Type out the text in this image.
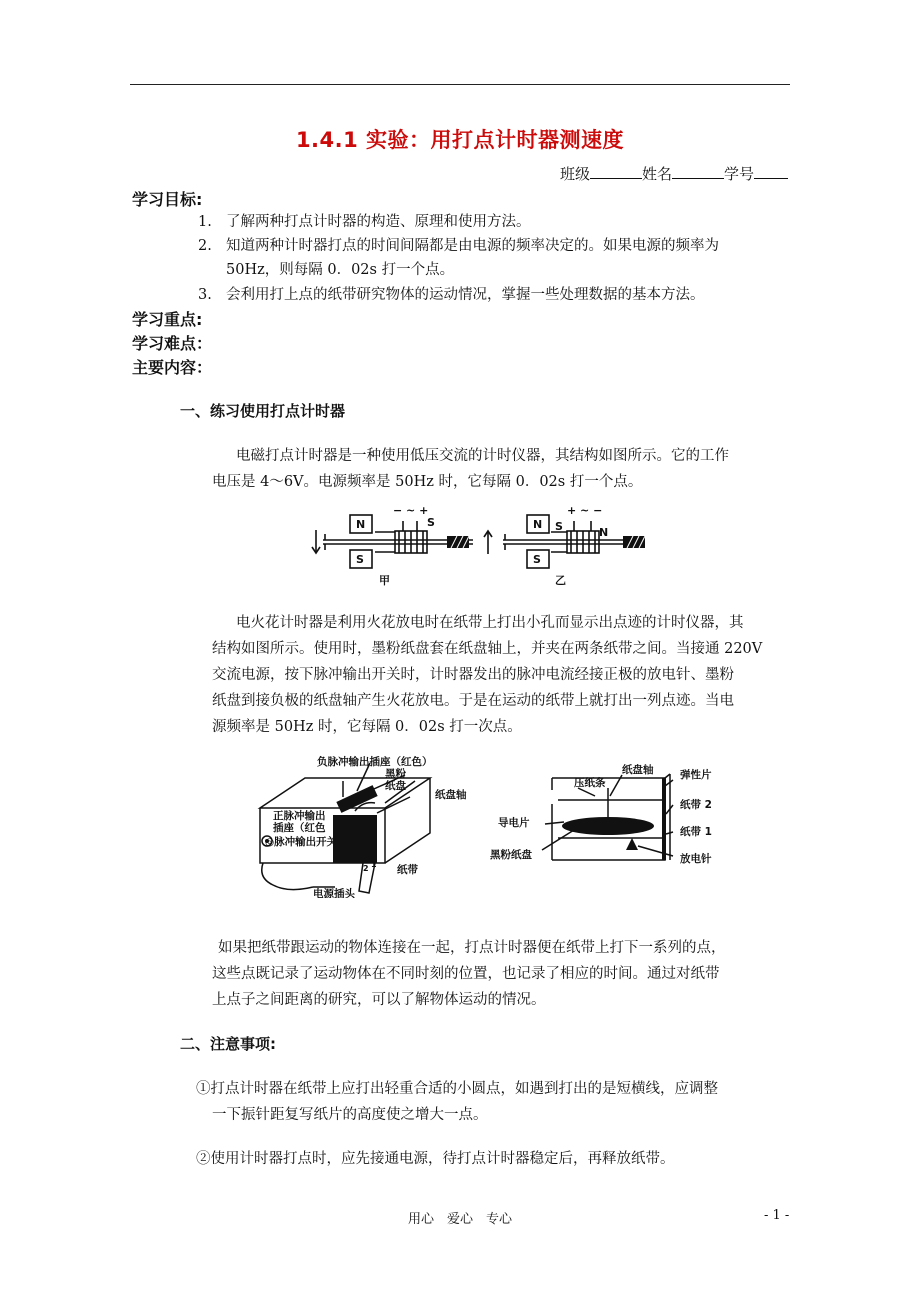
1.4.1 实验：用打点计时器测速度
班级	姓名	学号
学习目标:
1. 了解两种打点计时器的构造、原理和使用方法。
2. 知道两种计时器打点的时间间隔都是由电源的频率决定的。如果电源的频率为
50Hz，则每隔 0．02s 打一个点。
3. 会利用打上点的纸带研究物体的运动情况，掌握一些处理数据的基本方法。
学习重点:
学习难点：
主要内容：
一、练习使用打点计时器
电磁打点计时器是一种使用低压交流的计时仪器，其结构如图所示。它的工作
电压是 4～6V。电源频率是 50Hz 时，它每隔 0．02s 打一个点。
N
S
S
− ~ +
甲
N
S
S	N
+ ~ −
乙
电火花计时器是利用火花放电时在纸带上打出小孔而显示出点迹的计时仪器，其
结构如图所示。使用时，墨粉纸盘套在纸盘轴上，并夹在两条纸带之间。当接通 220V
交流电源，按下脉冲输出开关时，计时器发出的脉冲电流经接正极的放电针、墨粉
纸盘到接负极的纸盘轴产生火花放电。于是在运动的纸带上就打出一列点迹。当电
源频率是 50Hz 时，它每隔 0．02s 打一次点。
负脉冲输出插座（红色）
黑粉
纸盘
纸盘轴
正脉冲输出
插座（红色
◎脉冲输出开关
纸带
电源插头
2 1
压纸条
纸盘轴	弹性片
纸带 2
导电片
纸带 1
黑粉纸盘	放电针
如果把纸带跟运动的物体连接在一起，打点计时器便在纸带上打下一系列的点，
这些点既记录了运动物体在不同时刻的位置，也记录了相应的时间。通过对纸带
上点子之间距离的研究，可以了解物体运动的情况。
二、注意事项:
①打点计时器在纸带上应打出轻重合适的小圆点，如遇到打出的是短横线，应调整
一下振针距复写纸片的高度使之增大一点。
②使用计时器打点时，应先接通电源，待打点计时器稳定后，再释放纸带。
用心　爱心　专心	- 1 -
